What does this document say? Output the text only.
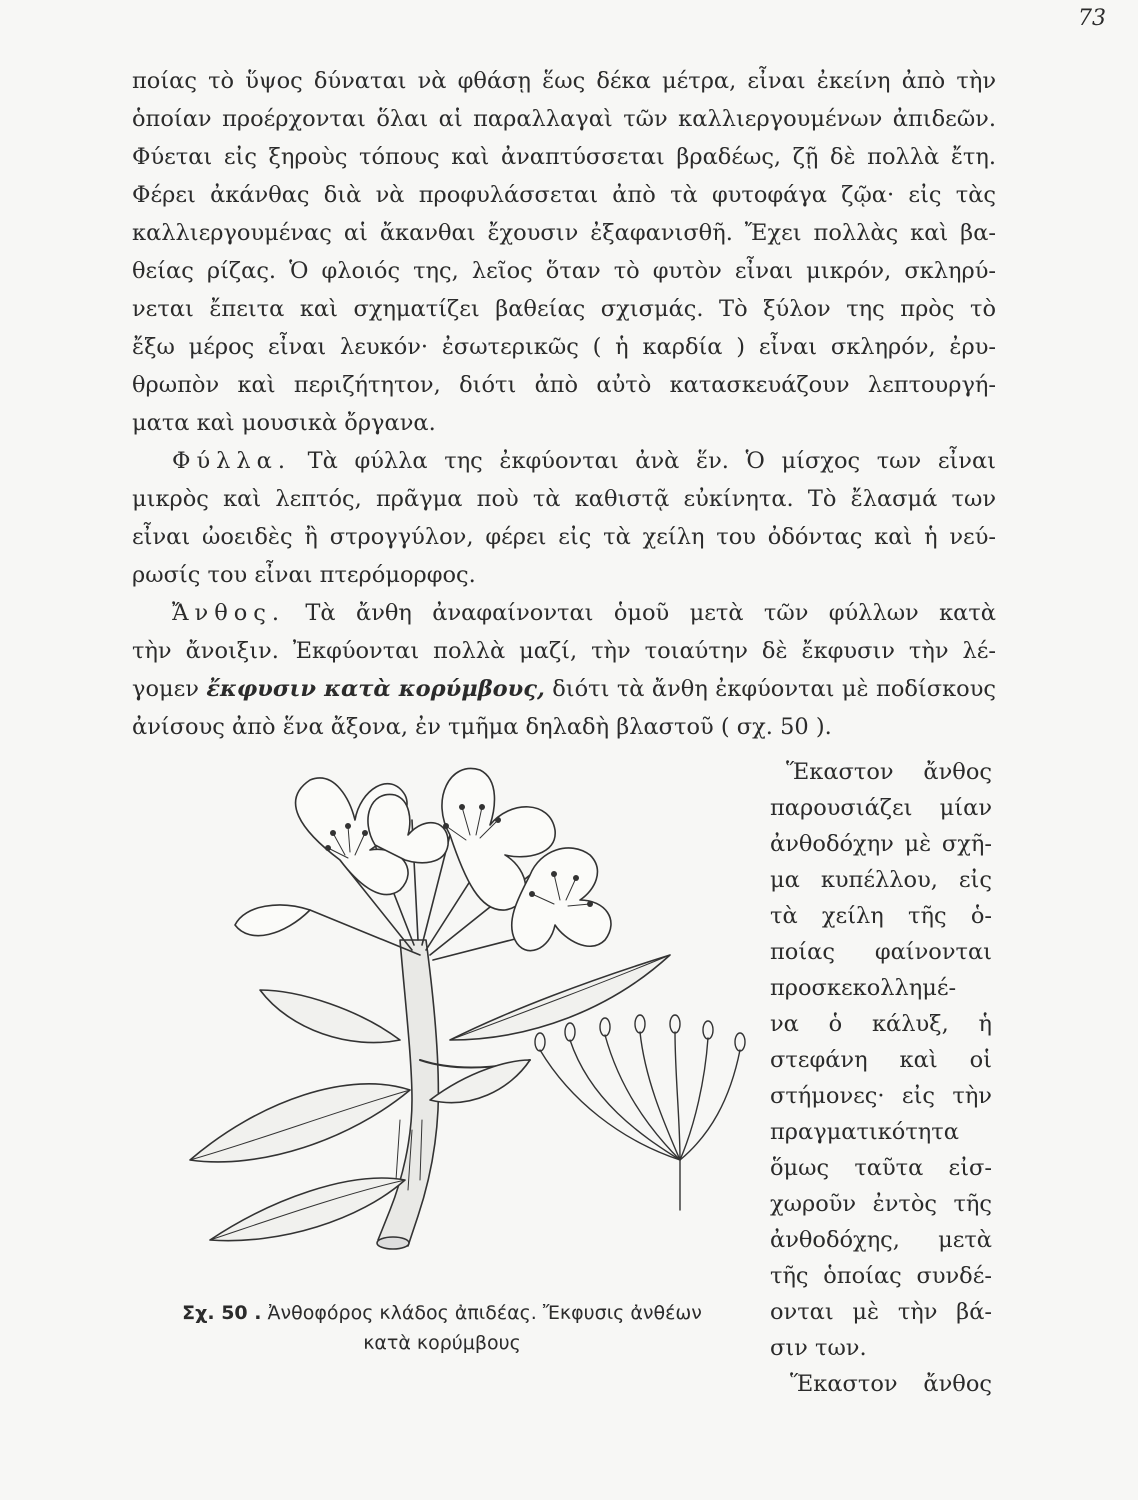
73
ποίας τὸ ὕψος δύναται νὰ φθάσῃ ἕως δέκα μέτρα, εἶναι ἐκείνη ἀπὸ τὴν
ὁποίαν προέρχονται ὅλαι αἱ παραλλαγαὶ τῶν καλλιεργουμένων ἀπιδεῶν.
Φύεται εἰς ξηροὺς τόπους καὶ ἀναπτύσσεται βραδέως, ζῇ δὲ πολλὰ ἔτη.
Φέρει ἀκάνθας διὰ νὰ προφυλάσσεται ἀπὸ τὰ φυτοφάγα ζῷα· εἰς τὰς
καλλιεργουμένας αἱ ἄκανθαι ἔχουσιν ἐξαφανισθῆ. Ἔχει πολλὰς καὶ βα-
θείας ρίζας. Ὁ φλοιός της, λεῖος ὅταν τὸ φυτὸν εἶναι μικρόν, σκληρύ-
νεται ἔπειτα καὶ σχηματίζει βαθείας σχισμάς. Τὸ ξύλον της πρὸς τὸ
ἔξω μέρος εἶναι λευκόν· ἐσωτερικῶς ( ἡ καρδία ) εἶναι σκληρόν, ἐρυ-
θρωπὸν καὶ περιζήτητον, διότι ἀπὸ αὐτὸ κατασκευάζουν λεπτουργή-
ματα καὶ μουσικὰ ὄργανα.
Φύλλα. Τὰ φύλλα της ἐκφύονται ἀνὰ ἕν. Ὁ μίσχος των εἶναι
μικρὸς καὶ λεπτός, πρᾶγμα ποὺ τὰ καθιστᾷ εὐκίνητα. Τὸ ἔλασμά των
εἶναι ὠοειδὲς ἢ στρογγύλον, φέρει εἰς τὰ χείλη του ὀδόντας καὶ ἡ νεύ-
ρωσίς του εἶναι πτερόμορφος.
Ἄνθος. Τὰ ἄνθη ἀναφαίνονται ὁμοῦ μετὰ τῶν φύλλων κατὰ
τὴν ἄνοιξιν. Ἐκφύονται πολλὰ μαζί, τὴν τοιαύτην δὲ ἔκφυσιν τὴν λέ-
γομεν ἔκφυσιν κατὰ κορύμβους, διότι τὰ ἄνθη ἐκφύονται μὲ ποδίσκους
ἀνίσους ἀπὸ ἕνα ἄξονα, ἐν τμῆμα δηλαδὴ βλαστοῦ ( σχ. 50 ).
Ἕκαστον ἄνθος
παρουσιάζει μίαν
ἀνθοδόχην μὲ σχῆ-
μα κυπέλλου, εἰς
τὰ χείλη τῆς ὁ-
ποίας φαίνονται
προσκεκολλημέ-
να ὁ κάλυξ, ἡ
στεφάνη καὶ οἱ
στήμονες· εἰς τὴν
πραγματικότητα
ὅμως ταῦτα εἰσ-
χωροῦν ἐντὸς τῆς
ἀνθοδόχης, μετὰ
τῆς ὁποίας συνδέ-
ονται μὲ τὴν βά-
σιν των.
Ἕκαστον ἄνθος
Σχ. 50 . Ἀνθοφόρος κλάδος ἀπιδέας. Ἔκφυσις ἀνθέων
κατὰ κορύμβους
